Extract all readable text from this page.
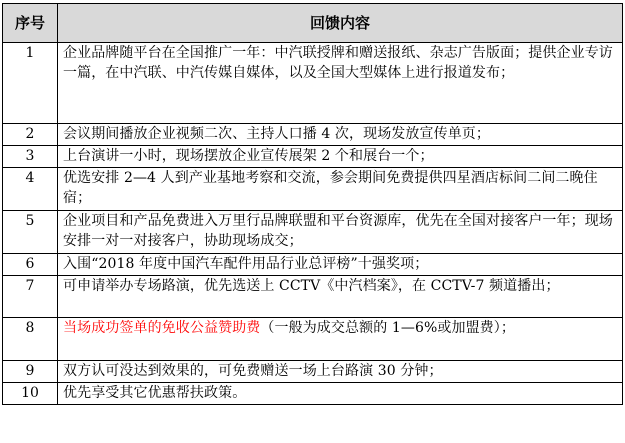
序号	回馈内容
1	企业品牌随平台在全国推广一年：中汽联授牌和赠送报纸、杂志广告版面；提供企业专访一篇，在中汽联、中汽传媒自媒体，以及全国大型媒体上进行报道发布；
2	会议期间播放企业视频二次、主持人口播 4 次，现场发放宣传单页；
3	上台演讲一小时，现场摆放企业宣传展架 2 个和展台一个；
4	优选安排 2—4 人到产业基地考察和交流，参会期间免费提供四星酒店标间二间二晚住宿；
5	企业项目和产品免费进入万里行品牌联盟和平台资源库，优先在全国对接客户一年；现场安排一对一对接客户，协助现场成交；
6	入围“2018 年度中国汽车配件用品行业总评榜”十强奖项；
7	可申请举办专场路演，优先选送上 CCTV《中汽档案》，在 CCTV-7 频道播出；
8	当场成功签单的免收公益赞助费（一般为成交总额的 1—6%或加盟费）；
9	双方认可没达到效果的，可免费赠送一场上台路演 30 分钟；
10	优先享受其它优惠帮扶政策。
